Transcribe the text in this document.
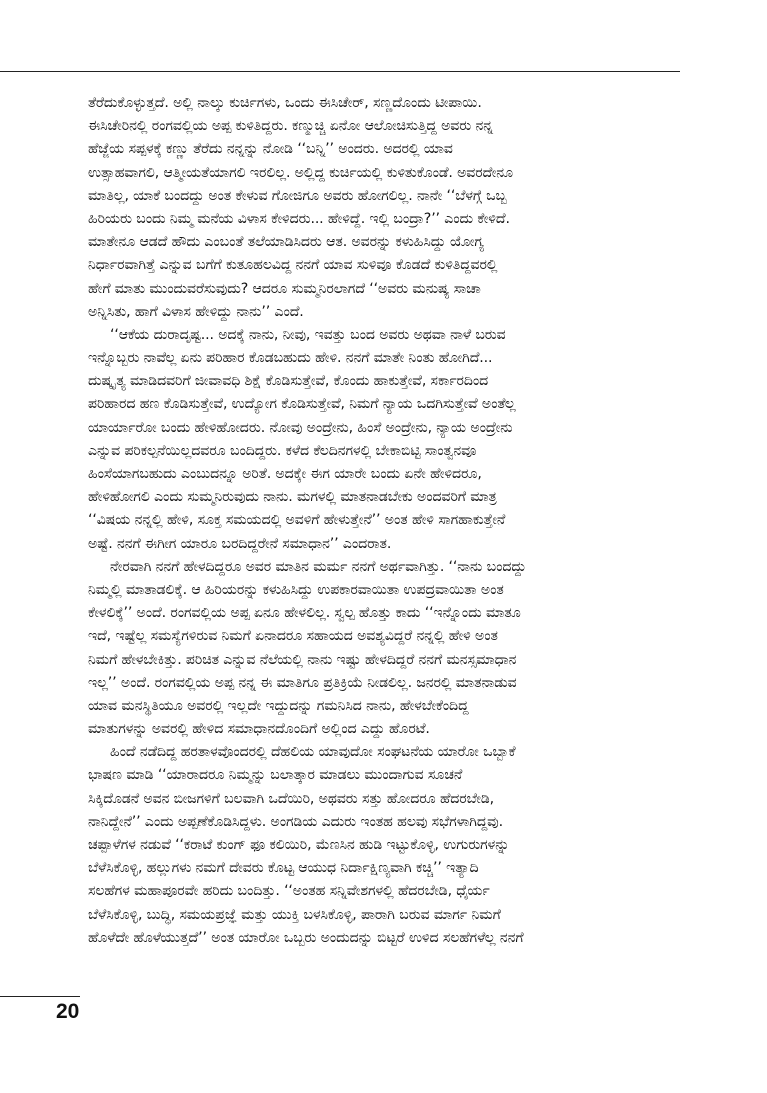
ತೆರೆದುಕೊಳ್ಳುತ್ತದೆ. ಅಲ್ಲಿ ನಾಲ್ಕು ಕುರ್ಚಿಗಳು, ಒಂದು ಈಸಿಚೇರ್, ಸಣ್ಣದೊಂದು ಟೀಪಾಯಿ.
ಈಸಿಚೇರಿನಲ್ಲಿ ರಂಗವಲ್ಲಿಯ ಅಪ್ಪ ಕುಳಿತಿದ್ದರು. ಕಣ್ಮುಚ್ಚಿ ಏನೋ ಆಲೋಚಿಸುತ್ತಿದ್ದ ಅವರು ನನ್ನ
ಹೆಜ್ಜೆಯ ಸಪ್ಪಳಕ್ಕೆ ಕಣ್ಣು ತೆರೆದು ನನ್ನನ್ನು ನೋಡಿ ‘‘ಬನ್ನಿ’’ ಅಂದರು. ಅದರಲ್ಲಿ ಯಾವ
ಉತ್ಸಾಹವಾಗಲಿ, ಆತ್ಮೀಯತೆಯಾಗಲಿ ಇರಲಿಲ್ಲ. ಅಲ್ಲಿದ್ದ ಕುರ್ಚಿಯಲ್ಲಿ ಕುಳಿತುಕೊಂಡೆ. ಅವರದೇನೂ
ಮಾತಿಲ್ಲ, ಯಾಕೆ ಬಂದದ್ದು ಅಂತ ಕೇಳುವ ಗೋಜಿಗೂ ಅವರು ಹೋಗಲಿಲ್ಲ. ನಾನೇ ‘‘ಬೆಳಗ್ಗೆ ಒಬ್ಬ
ಹಿರಿಯರು ಬಂದು ನಿಮ್ಮ ಮನೆಯ ವಿಳಾಸ ಕೇಳಿದರು... ಹೇಳಿದ್ದೆ. ಇಲ್ಲಿ ಬಂದ್ರಾ?’’ ಎಂದು ಕೇಳಿದೆ.
ಮಾತೇನೂ ಆಡದೆ ಹೌದು ಎಂಬಂತೆ ತಲೆಯಾಡಿಸಿದರು ಆತ. ಅವರನ್ನು ಕಳುಹಿಸಿದ್ದು ಯೋಗ್ಯ
ನಿರ್ಧಾರವಾಗಿತ್ತೆ ಎನ್ನುವ ಬಗೆಗೆ ಕುತೂಹಲವಿದ್ದ ನನಗೆ ಯಾವ ಸುಳಿವೂ ಕೊಡದೆ ಕುಳಿತಿದ್ದವರಲ್ಲಿ
ಹೇಗೆ ಮಾತು ಮುಂದುವರೆಸುವುದು? ಆದರೂ ಸುಮ್ಮನಿರಲಾಗದೆ ‘‘ಅವರು ಮನುಷ್ಯ ಸಾಚಾ
ಅನ್ನಿಸಿತು, ಹಾಗೆ ವಿಳಾಸ ಹೇಳಿದ್ದು ನಾನು’’ ಎಂದೆ.
‘‘ಆಕೆಯ ದುರಾದೃಷ್ಟ... ಅದಕ್ಕೆ ನಾನು, ನೀವು, ಇವತ್ತು ಬಂದ ಅವರು ಅಥವಾ ನಾಳೆ ಬರುವ
ಇನ್ನೊಬ್ಬರು ನಾವೆಲ್ಲ ಏನು ಪರಿಹಾರ ಕೊಡಬಹುದು ಹೇಳಿ. ನನಗೆ ಮಾತೇ ನಿಂತು ಹೋಗಿದೆ...
ದುಷ್ಕೃತ್ಯ ಮಾಡಿದವರಿಗೆ ಜೀವಾವಧಿ ಶಿಕ್ಷೆ ಕೊಡಿಸುತ್ತೇವೆ, ಕೊಂದು ಹಾಕುತ್ತೇವೆ, ಸರ್ಕಾರದಿಂದ
ಪರಿಹಾರದ ಹಣ ಕೊಡಿಸುತ್ತೇವೆ, ಉದ್ಯೋಗ ಕೊಡಿಸುತ್ತೇವೆ, ನಿಮಗೆ ನ್ಯಾಯ ಒದಗಿಸುತ್ತೇವೆ ಅಂತೆಲ್ಲ
ಯಾರ್ಯಾರೋ ಬಂದು ಹೇಳಿಹೋದರು. ನೋವು ಅಂದ್ರೇನು, ಹಿಂಸೆ ಅಂದ್ರೇನು, ನ್ಯಾಯ ಅಂದ್ರೇನು
ಎನ್ನುವ ಪರಿಕಲ್ಪನೆಯಿಲ್ಲದವರೂ ಬಂದಿದ್ದರು. ಕಳೆದ ಕೆಲದಿನಗಳಲ್ಲಿ ಬೇಕಾಬಿಟ್ಟಿ ಸಾಂತ್ವನವೂ
ಹಿಂಸೆಯಾಗಬಹುದು ಎಂಬುದನ್ನೂ ಅರಿತೆ. ಅದಕ್ಕೇ ಈಗ ಯಾರೇ ಬಂದು ಏನೇ ಹೇಳಿದರೂ,
ಹೇಳಿಹೋಗಲಿ ಎಂದು ಸುಮ್ಮನಿರುವುದು ನಾನು. ಮಗಳಲ್ಲಿ ಮಾತನಾಡಬೇಕು ಅಂದವರಿಗೆ ಮಾತ್ರ
‘‘ವಿಷಯ ನನ್ನಲ್ಲಿ ಹೇಳಿ, ಸೂಕ್ತ ಸಮಯದಲ್ಲಿ ಅವಳಿಗೆ ಹೇಳುತ್ತೇನೆ’’ ಅಂತ ಹೇಳಿ ಸಾಗಹಾಕುತ್ತೇನೆ
ಅಷ್ಟೆ. ನನಗೆ ಈಗೀಗ ಯಾರೂ ಬರದಿದ್ದರೇನೆ ಸಮಾಧಾನ’’ ಎಂದರಾತ.
ನೇರವಾಗಿ ನನಗೆ ಹೇಳದಿದ್ದರೂ ಅವರ ಮಾತಿನ ಮರ್ಮ ನನಗೆ ಅರ್ಥವಾಗಿತ್ತು. ‘‘ನಾನು ಬಂದದ್ದು
ನಿಮ್ಮಲ್ಲಿ ಮಾತಾಡಲಿಕ್ಕೆ. ಆ ಹಿರಿಯರನ್ನು ಕಳುಹಿಸಿದ್ದು ಉಪಕಾರವಾಯಿತಾ ಉಪದ್ರವಾಯಿತಾ ಅಂತ
ಕೇಳಲಿಕ್ಕೆ’’ ಅಂದೆ. ರಂಗವಲ್ಲಿಯ ಅಪ್ಪ ಏನೂ ಹೇಳಲಿಲ್ಲ. ಸ್ವಲ್ಪ ಹೊತ್ತು ಕಾದು ‘‘ಇನ್ನೊಂದು ಮಾತೂ
ಇದೆ, ಇಷ್ಟೆಲ್ಲ ಸಮಸ್ಯೆಗಳಿರುವ ನಿಮಗೆ ಏನಾದರೂ ಸಹಾಯದ ಅವಶ್ಯವಿದ್ದರೆ ನನ್ನಲ್ಲಿ ಹೇಳಿ ಅಂತ
ನಿಮಗೆ ಹೇಳಬೇಕಿತ್ತು. ಪರಿಚಿತ ಎನ್ನುವ ನೆಲೆಯಲ್ಲಿ ನಾನು ಇಷ್ಟು ಹೇಳದಿದ್ದರೆ ನನಗೆ ಮನಸ್ಸಮಾಧಾನ
ಇಲ್ಲ’’ ಅಂದೆ. ರಂಗವಲ್ಲಿಯ ಅಪ್ಪ ನನ್ನ ಈ ಮಾತಿಗೂ ಪ್ರತಿಕ್ರಿಯೆ ನೀಡಲಿಲ್ಲ. ಜನರಲ್ಲಿ ಮಾತನಾಡುವ
ಯಾವ ಮನಸ್ಥಿತಿಯೂ ಅವರಲ್ಲಿ ಇಲ್ಲದೇ ಇದ್ದುದನ್ನು ಗಮನಿಸಿದ ನಾನು, ಹೇಳಬೇಕೆಂದಿದ್ದ
ಮಾತುಗಳನ್ನು ಅವರಲ್ಲಿ ಹೇಳಿದ ಸಮಾಧಾನದೊಂದಿಗೆ ಅಲ್ಲಿಂದ ಎದ್ದು ಹೊರಟೆ.
ಹಿಂದೆ ನಡೆದಿದ್ದ ಹರತಾಳವೊಂದರಲ್ಲಿ ದೆಹಲಿಯ ಯಾವುದೋ ಸಂಘಟನೆಯ ಯಾರೋ ಒಬ್ಬಾಕೆ
ಭಾಷಣ ಮಾಡಿ ‘‘ಯಾರಾದರೂ ನಿಮ್ಮನ್ನು ಬಲಾತ್ಕಾರ ಮಾಡಲು ಮುಂದಾಗುವ ಸೂಚನೆ
ಸಿಕ್ಕಿದೊಡನೆ ಅವನ ಬೀಜಗಳಿಗೆ ಬಲವಾಗಿ ಒದೆಯಿರಿ, ಅಥವರು ಸತ್ತು ಹೋದರೂ ಹೆದರಬೇಡಿ,
ನಾನಿದ್ದೇನೆ’’ ಎಂದು ಅಪ್ಪಣೆಕೊಡಿಸಿದ್ದಳು. ಅಂಗಡಿಯ ಎದುರು ಇಂತಹ ಹಲವು ಸಭೆಗಳಾಗಿದ್ದವು.
ಚಪ್ಪಾಳೆಗಳ ನಡುವೆ ‘‘ಕರಾಟೆ ಕುಂಗ್ ಫೂ ಕಲಿಯಿರಿ, ಮೆಣಸಿನ ಹುಡಿ ಇಟ್ಟುಕೊಳ್ಳಿ, ಉಗುರುಗಳನ್ನು
ಬೆಳೆಸಿಕೊಳ್ಳಿ, ಹಲ್ಲುಗಳು ನಮಗೆ ದೇವರು ಕೊಟ್ಟ ಆಯುಧ ನಿರ್ದಾಕ್ಷಿಣ್ಯವಾಗಿ ಕಚ್ಚಿ’’ ಇತ್ಯಾದಿ
ಸಲಹೆಗಳ ಮಹಾಪೂರವೇ ಹರಿದು ಬಂದಿತ್ತು. ‘‘ಅಂತಹ ಸನ್ನಿವೇಶಗಳಲ್ಲಿ ಹೆದರಬೇಡಿ, ಧೈರ್ಯ
ಬೆಳೆಸಿಕೊಳ್ಳಿ, ಬುದ್ಧಿ, ಸಮಯಪ್ರಜ್ಞೆ ಮತ್ತು ಯುಕ್ತಿ ಬಳಸಿಕೊಳ್ಳಿ, ಪಾರಾಗಿ ಬರುವ ಮಾರ್ಗ ನಿಮಗೆ
ಹೊಳೆದೇ ಹೊಳೆಯುತ್ತದೆ’’ ಅಂತ ಯಾರೋ ಒಬ್ಬರು ಅಂದುದನ್ನು ಬಿಟ್ಟರೆ ಉಳಿದ ಸಲಹೆಗಳೆಲ್ಲ ನನಗೆ
20
